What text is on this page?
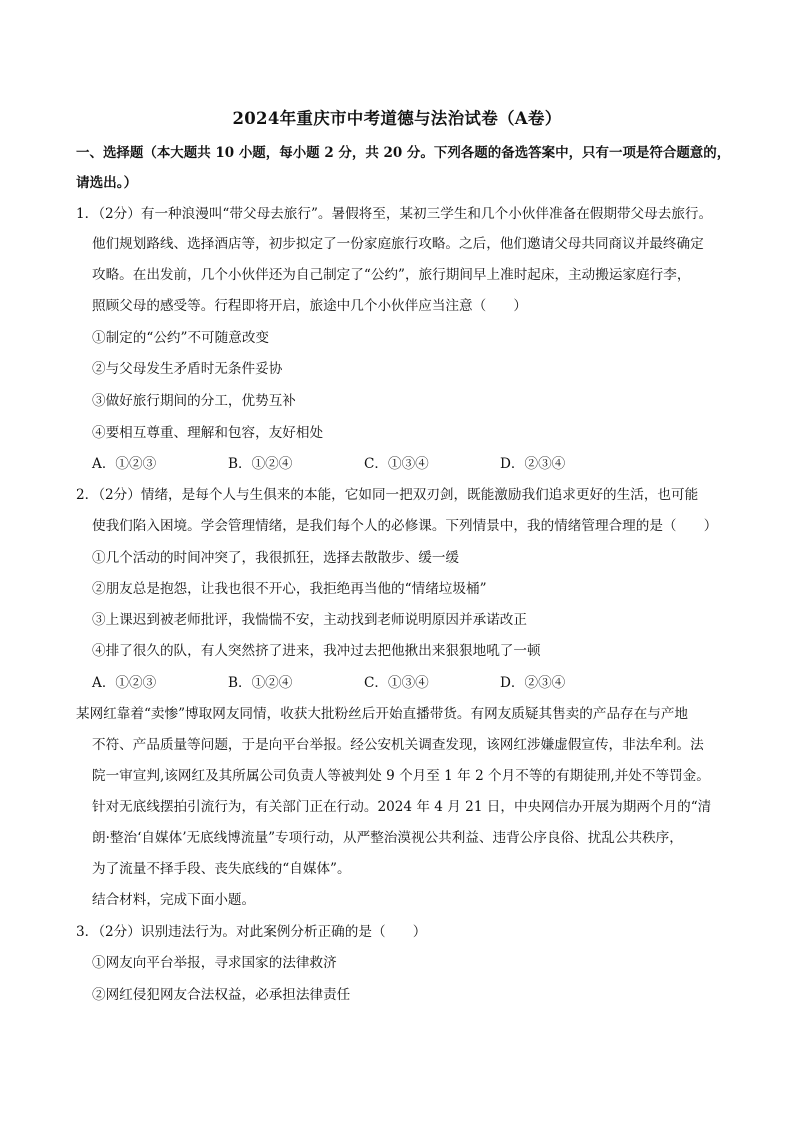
2024年重庆市中考道德与法治试卷（A卷）
一、选择题（本大题共 10 小题，每小题 2 分，共 20 分。下列各题的备选答案中，只有一项是符合题意的，
请选出。）
1．（2分）有一种浪漫叫“带父母去旅行”。暑假将至，某初三学生和几个小伙伴准备在假期带父母去旅行。
他们规划路线、选择酒店等，初步拟定了一份家庭旅行攻略。之后，他们邀请父母共同商议并最终确定
攻略。在出发前，几个小伙伴还为自己制定了“公约”，旅行期间早上准时起床，主动搬运家庭行李，
照顾父母的感受等。行程即将开启，旅途中几个小伙伴应当注意（　　）
①制定的“公约”不可随意改变
②与父母发生矛盾时无条件妥协
③做好旅行期间的分工，优势互补
④要相互尊重、理解和包容，友好相处
A．①②③	B．①②④	C．①③④	D．②③④
2．（2分）情绪，是每个人与生俱来的本能，它如同一把双刃剑，既能激励我们追求更好的生活，也可能
使我们陷入困境。学会管理情绪，是我们每个人的必修课。下列情景中，我的情绪管理合理的是（　　）
①几个活动的时间冲突了，我很抓狂，选择去散散步、缓一缓
②朋友总是抱怨，让我也很不开心，我拒绝再当他的“情绪垃圾桶”
③上课迟到被老师批评，我惴惴不安，主动找到老师说明原因并承诺改正
④排了很久的队，有人突然挤了进来，我冲过去把他揪出来狠狠地吼了一顿
A．①②③	B．①②④	C．①③④	D．②③④
某网红靠着“卖惨”博取网友同情，收获大批粉丝后开始直播带货。有网友质疑其售卖的产品存在与产地
不符、产品质量等问题，于是向平台举报。经公安机关调查发现，该网红涉嫌虚假宣传，非法牟利。法
院一审宣判,该网红及其所属公司负责人等被判处 9 个月至 1 年 2 个月不等的有期徒刑,并处不等罚金。
针对无底线摆拍引流行为，有关部门正在行动。2024 年 4 月 21 日，中央网信办开展为期两个月的“清
朗·整治‘自媒体’无底线博流量”专项行动，从严整治漠视公共利益、违背公序良俗、扰乱公共秩序，
为了流量不择手段、丧失底线的“自媒体”。
结合材料，完成下面小题。
3．（2分）识别违法行为。对此案例分析正确的是（　　）
①网友向平台举报，寻求国家的法律救济
②网红侵犯网友合法权益，必承担法律责任
